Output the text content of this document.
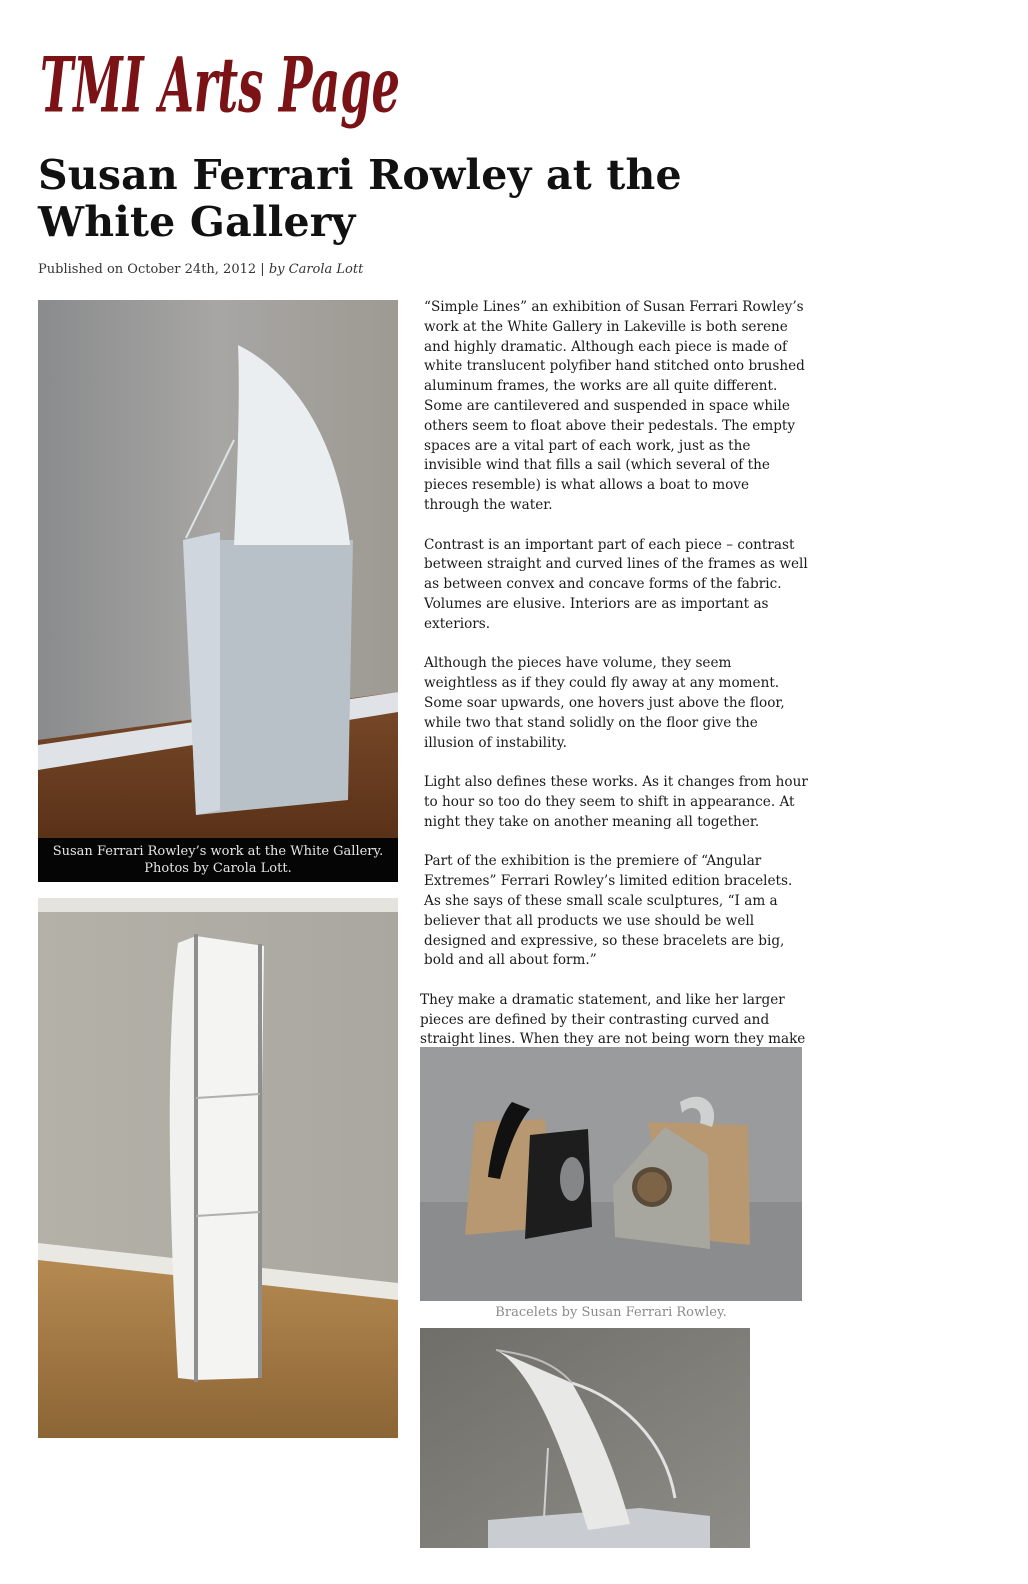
TMI Arts Page
Susan Ferrari Rowley at the White Gallery
Published on October 24th, 2012 | by Carola Lott
Susan Ferrari Rowley’s work at the White Gallery. Photos by Carola Lott.

“Simple Lines” an exhibition of Susan Ferrari Rowley’s work at the White Gallery in Lakeville is both serene and highly dramatic. Although each piece is made of white translucent polyfiber hand stitched onto brushed aluminum frames, the works are all quite different. Some are cantilevered and suspended in space while others seem to float above their pedestals. The empty spaces are a vital part of each work, just as the invisible wind that fills a sail (which several of the pieces resemble) is what allows a boat to move through the water.

Contrast is an important part of each piece – contrast between straight and curved lines of the frames as well as between convex and concave forms of the fabric. Volumes are elusive. Interiors are as important as exteriors.

Although the pieces have volume, they seem weightless as if they could fly away at any moment. Some soar upwards, one hovers just above the floor, while two that stand solidly on the floor give the illusion of instability.

Light also defines these works. As it changes from hour to hour so too do they seem to shift in appearance. At night they take on another meaning all together.

Part of the exhibition is the premiere of “Angular Extremes” Ferrari Rowley’s limited edition bracelets. As she says of these small scale sculptures, “I am a believer that all products we use should be well designed and expressive, so these bracelets are big, bold and all about form.”

They make a dramatic statement, and like her larger pieces are defined by their contrasting curved and straight lines. When they are not being worn they make

Bracelets by Susan Ferrari Rowley.
